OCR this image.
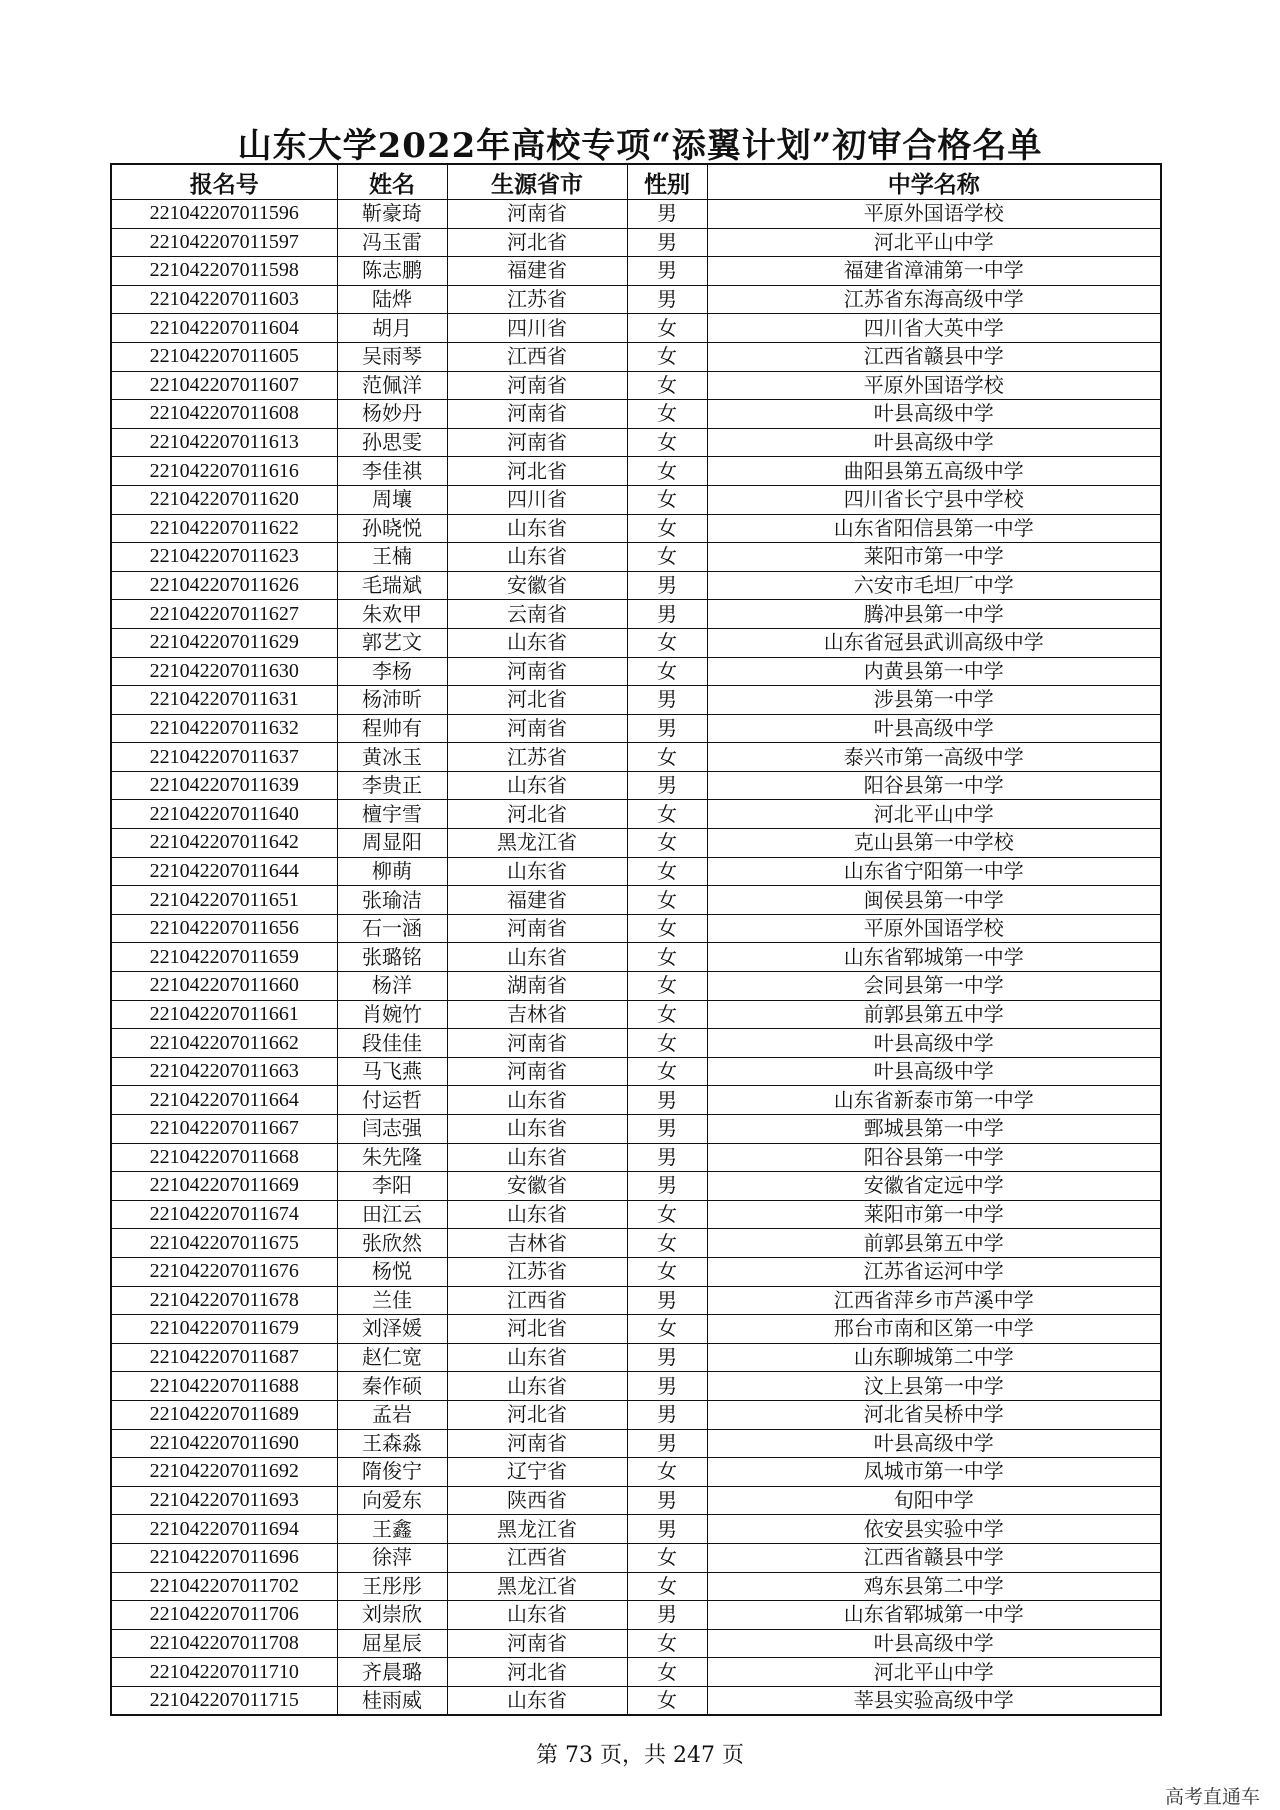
山东大学2022年高校专项“添翼计划”初审合格名单
报名号	姓名	生源省市	性别	中学名称
221042207011596	靳豪琦	河南省	男	平原外国语学校
221042207011597	冯玉雷	河北省	男	河北平山中学
221042207011598	陈志鹏	福建省	男	福建省漳浦第一中学
221042207011603	陆烨	江苏省	男	江苏省东海高级中学
221042207011604	胡月	四川省	女	四川省大英中学
221042207011605	吴雨琴	江西省	女	江西省赣县中学
221042207011607	范佩洋	河南省	女	平原外国语学校
221042207011608	杨妙丹	河南省	女	叶县高级中学
221042207011613	孙思雯	河南省	女	叶县高级中学
221042207011616	李佳祺	河北省	女	曲阳县第五高级中学
221042207011620	周壤	四川省	女	四川省长宁县中学校
221042207011622	孙晓悦	山东省	女	山东省阳信县第一中学
221042207011623	王楠	山东省	女	莱阳市第一中学
221042207011626	毛瑞斌	安徽省	男	六安市毛坦厂中学
221042207011627	朱欢甲	云南省	男	腾冲县第一中学
221042207011629	郭艺文	山东省	女	山东省冠县武训高级中学
221042207011630	李杨	河南省	女	内黄县第一中学
221042207011631	杨沛昕	河北省	男	涉县第一中学
221042207011632	程帅有	河南省	男	叶县高级中学
221042207011637	黄冰玉	江苏省	女	泰兴市第一高级中学
221042207011639	李贵正	山东省	男	阳谷县第一中学
221042207011640	檀宇雪	河北省	女	河北平山中学
221042207011642	周显阳	黑龙江省	女	克山县第一中学校
221042207011644	柳萌	山东省	女	山东省宁阳第一中学
221042207011651	张瑜洁	福建省	女	闽侯县第一中学
221042207011656	石一涵	河南省	女	平原外国语学校
221042207011659	张璐铭	山东省	女	山东省郓城第一中学
221042207011660	杨洋	湖南省	女	会同县第一中学
221042207011661	肖婉竹	吉林省	女	前郭县第五中学
221042207011662	段佳佳	河南省	女	叶县高级中学
221042207011663	马飞燕	河南省	女	叶县高级中学
221042207011664	付运哲	山东省	男	山东省新泰市第一中学
221042207011667	闫志强	山东省	男	鄄城县第一中学
221042207011668	朱先隆	山东省	男	阳谷县第一中学
221042207011669	李阳	安徽省	男	安徽省定远中学
221042207011674	田江云	山东省	女	莱阳市第一中学
221042207011675	张欣然	吉林省	女	前郭县第五中学
221042207011676	杨悦	江苏省	女	江苏省运河中学
221042207011678	兰佳	江西省	男	江西省萍乡市芦溪中学
221042207011679	刘泽媛	河北省	女	邢台市南和区第一中学
221042207011687	赵仁宽	山东省	男	山东聊城第二中学
221042207011688	秦作硕	山东省	男	汶上县第一中学
221042207011689	孟岩	河北省	男	河北省吴桥中学
221042207011690	王森淼	河南省	男	叶县高级中学
221042207011692	隋俊宁	辽宁省	女	凤城市第一中学
221042207011693	向爱东	陕西省	男	旬阳中学
221042207011694	王鑫	黑龙江省	男	依安县实验中学
221042207011696	徐萍	江西省	女	江西省赣县中学
221042207011702	王彤彤	黑龙江省	女	鸡东县第二中学
221042207011706	刘崇欣	山东省	男	山东省郓城第一中学
221042207011708	屈星辰	河南省	女	叶县高级中学
221042207011710	齐晨璐	河北省	女	河北平山中学
221042207011715	桂雨威	山东省	女	莘县实验高级中学
第 73 页，共 247 页
高考直通车
